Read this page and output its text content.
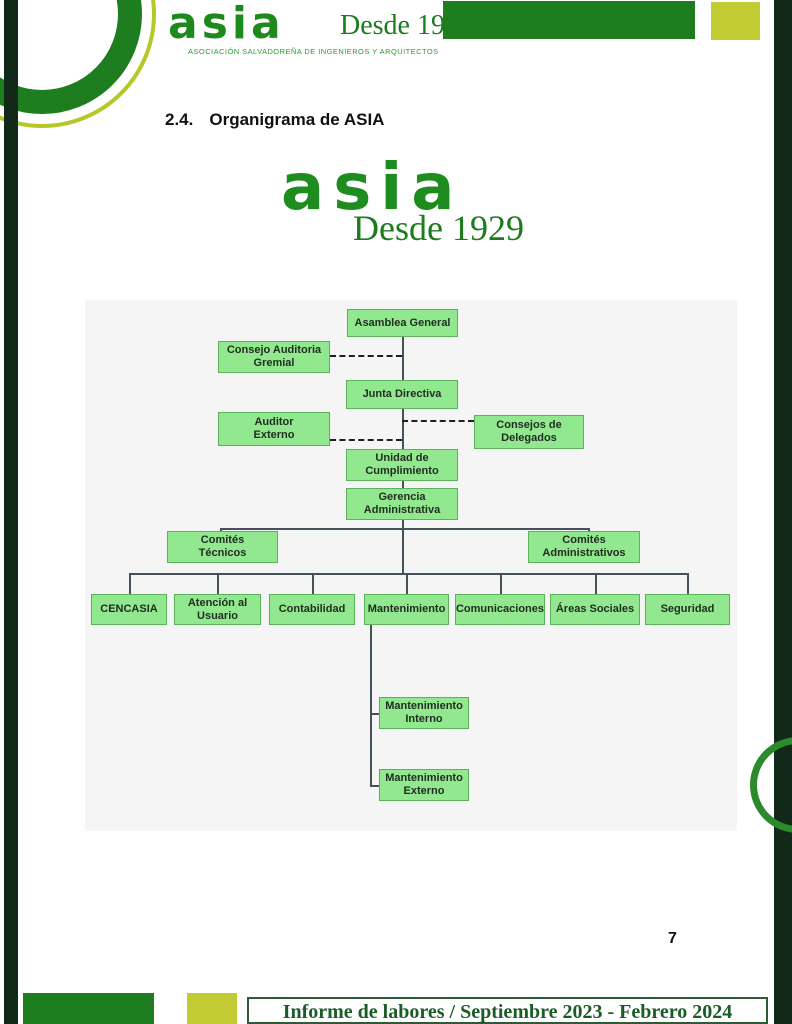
asia Desde 1929
ASOCIACIÓN SALVADOREÑA DE INGENIEROS Y ARQUITECTOS
2.4. Organigrama de ASIA
asia
Desde 1929
Asamblea General
Consejo Auditoria Gremial
Junta Directiva
Auditor Externo
Consejos de Delegados
Unidad de Cumplimiento
Gerencia Administrativa
Comités Técnicos
Comités Administrativos
CENCASIA
Atención al Usuario
Contabilidad Mantenimiento Comunicaciones Áreas Sociales Seguridad
Mantenimiento Interno
Mantenimiento Externo
7
Informe de labores / Septiembre 2023 - Febrero 2024
